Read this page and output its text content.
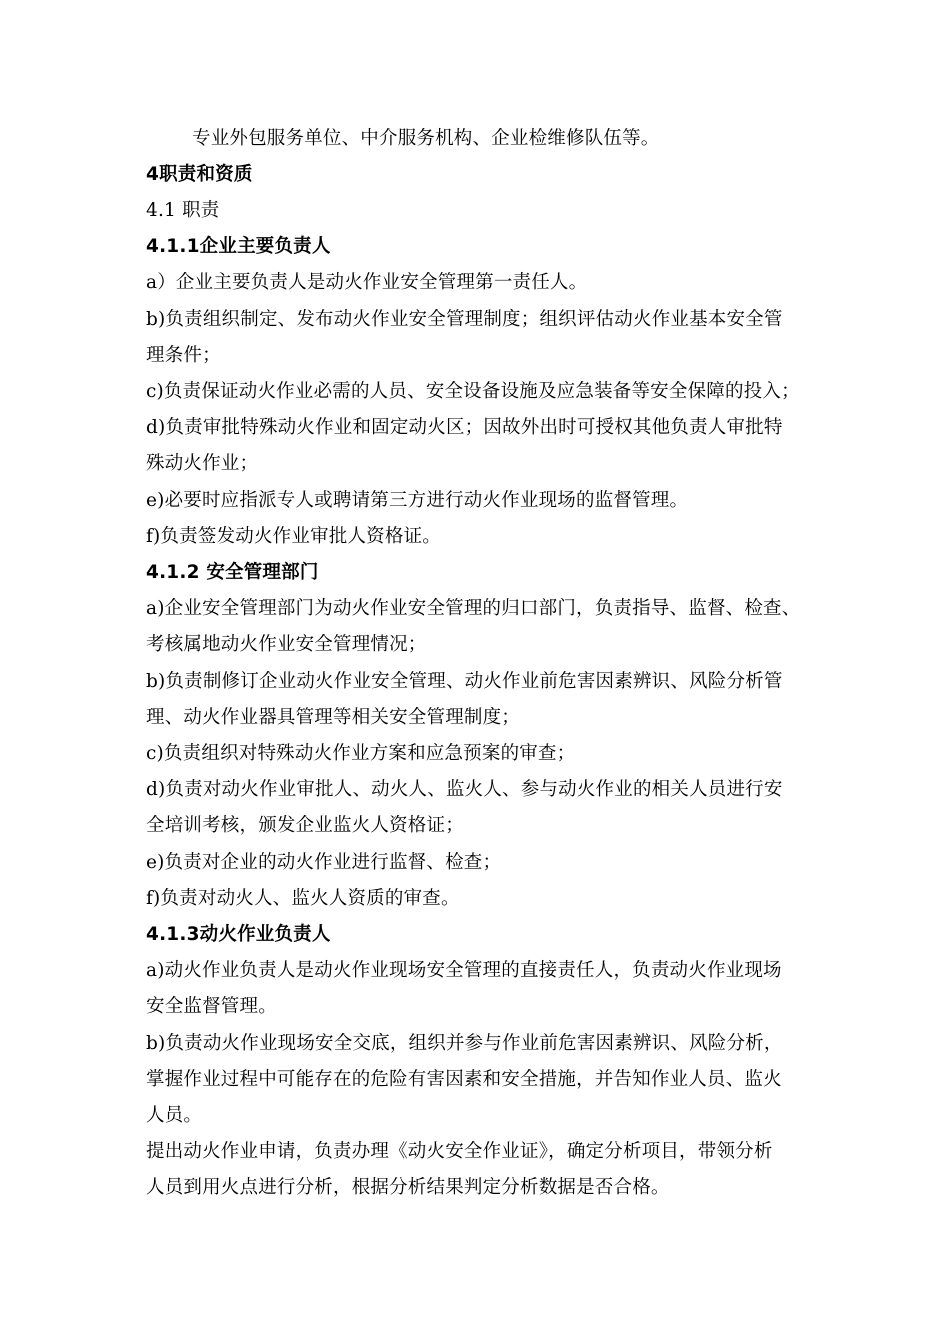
专业外包服务单位、中介服务机构、企业检维修队伍等。
4职责和资质
4.1 职责
4.1.1企业主要负责人
a）企业主要负责人是动火作业安全管理第一责任人。
b)负责组织制定、发布动火作业安全管理制度；组织评估动火作业基本安全管
理条件；
c)负责保证动火作业必需的人员、安全设备设施及应急装备等安全保障的投入；
d)负责审批特殊动火作业和固定动火区；因故外出时可授权其他负责人审批特
殊动火作业；
e)必要时应指派专人或聘请第三方进行动火作业现场的监督管理。
f)负责签发动火作业审批人资格证。
4.1.2 安全管理部门
a)企业安全管理部门为动火作业安全管理的归口部门，负责指导、监督、检查、
考核属地动火作业安全管理情况；
b)负责制修订企业动火作业安全管理、动火作业前危害因素辨识、风险分析管
理、动火作业器具管理等相关安全管理制度；
c)负责组织对特殊动火作业方案和应急预案的审查；
d)负责对动火作业审批人、动火人、监火人、参与动火作业的相关人员进行安
全培训考核，颁发企业监火人资格证；
e)负责对企业的动火作业进行监督、检查；
f)负责对动火人、监火人资质的审查。
4.1.3动火作业负责人
a)动火作业负责人是动火作业现场安全管理的直接责任人，负责动火作业现场
安全监督管理。
b)负责动火作业现场安全交底，组织并参与作业前危害因素辨识、风险分析，
掌握作业过程中可能存在的危险有害因素和安全措施，并告知作业人员、监火
人员。
提出动火作业申请，负责办理《动火安全作业证》，确定分析项目，带领分析
人员到用火点进行分析，根据分析结果判定分析数据是否合格。
